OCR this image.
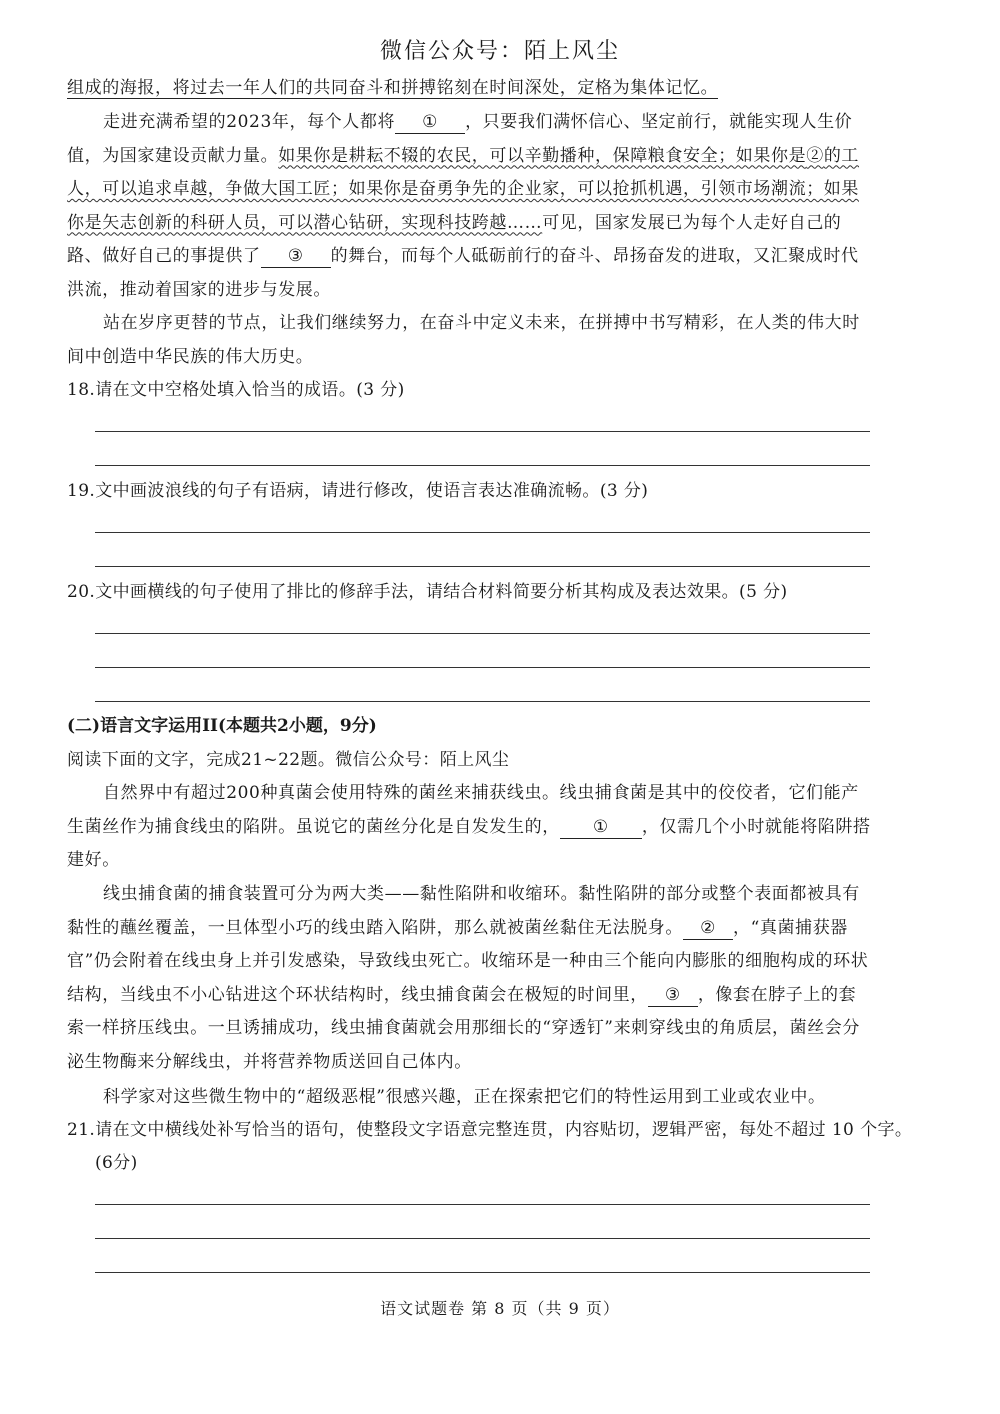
微信公众号：陌上风尘

组成的海报，将过去一年人们的共同奋斗和拼搏铭刻在时间深处，定格为集体记忆。

走进充满希望的2023年，每个人都将 ① ，只要我们满怀信心、坚定前行，就能实现人生价值，为国家建设贡献力量。如果你是耕耘不辍的农民，可以辛勤播种，保障粮食安全；如果你是②的工人，可以追求卓越，争做大国工匠；如果你是奋勇争先的企业家，可以抢抓机遇，引领市场潮流；如果你是矢志创新的科研人员，可以潜心钻研，实现科技跨越……可见，国家发展已为每个人走好自己的路、做好自己的事提供了 ③ 的舞台，而每个人砥砺前行的奋斗、昂扬奋发的进取，又汇聚成时代洪流，推动着国家的进步与发展。

站在岁序更替的节点，让我们继续努力，在奋斗中定义未来，在拼搏中书写精彩，在人类的伟大时间中创造中华民族的伟大历史。

18.请在文中空格处填入恰当的成语。(3 分)
19.文中画波浪线的句子有语病，请进行修改，使语言表达准确流畅。(3 分)
20.文中画横线的句子使用了排比的修辞手法，请结合材料简要分析其构成及表达效果。(5 分)
(二)语言文字运用II(本题共2小题，9分)
阅读下面的文字，完成21~22题。微信公众号：陌上风尘

自然界中有超过200种真菌会使用特殊的菌丝来捕获线虫。线虫捕食菌是其中的佼佼者，它们能产生菌丝作为捕食线虫的陷阱。虽说它的菌丝分化是自发发生的， ① ，仅需几个小时就能将陷阱搭建好。

线虫捕食菌的捕食装置可分为两大类——黏性陷阱和收缩环。黏性陷阱的部分或整个表面都被具有黏性的蘸丝覆盖，一旦体型小巧的线虫踏入陷阱，那么就被菌丝黏住无法脱身。 ② ，“真菌捕获器官”仍会附着在线虫身上并引发感染，导致线虫死亡。收缩环是一种由三个能向内膨胀的细胞构成的环状结构，当线虫不小心钻进这个环状结构时，线虫捕食菌会在极短的时间里， ③ ，像套在脖子上的套索一样挤压线虫。一旦诱捕成功，线虫捕食菌就会用那细长的“穿透钉”来刺穿线虫的角质层，菌丝会分泌生物酶来分解线虫，并将营养物质送回自己体内。

科学家对这些微生物中的“超级恶棍”很感兴趣，正在探索把它们的特性运用到工业或农业中。

21.请在文中横线处补写恰当的语句，使整段文字语意完整连贯，内容贴切，逻辑严密，每处不超过 10 个字。
(6分)
语文试题卷 第 8 页（共 9 页）
